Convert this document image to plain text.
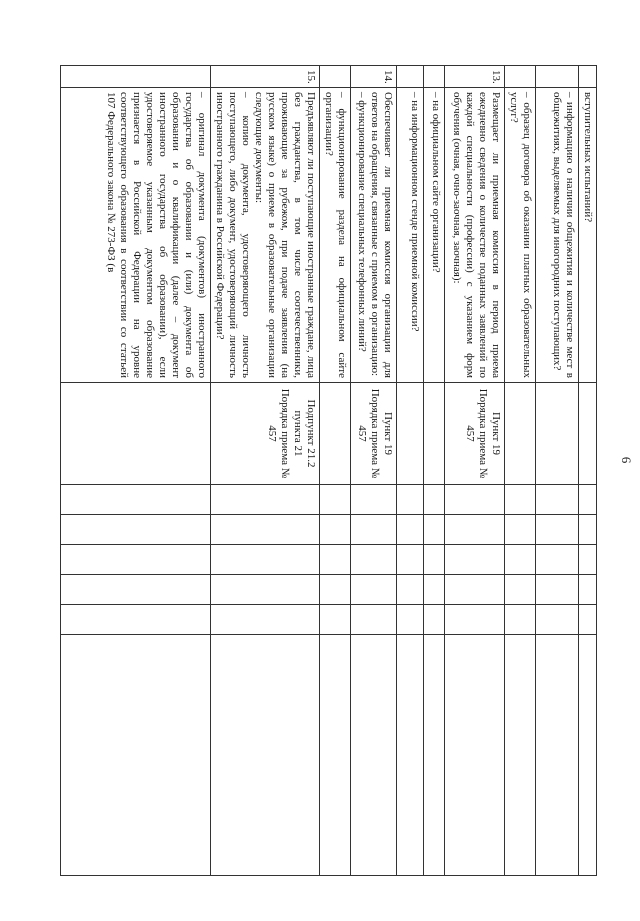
6
	вступительных испытаний?							
	– информацию о наличии общежития и количестве мест в общежитиях, выделяемых для иногородних поступающих?							
	– образец договора об оказании платных образовательных услуг?							
13.	Размещает ли приемная комиссия в период приема ежедневно сведения о количестве поданных заявлений по каждой специальности (профессии) с указанием форм обучения (очная, очно-заочная, заочная):	Пункт 19
Порядка приема № 457						
	– на официальном сайте организации?							
	– на информационном стенде приемной комиссии?							
14.	Обеспечивает ли приемная комиссия организации для ответов на обращения, связанные с приемом в организацию:
– функционирование специальных телефонных линий?	Пункт 19
Порядка приема № 457						
	– функционирование раздела на официальном сайте организации?							
15.	Предъявляют ли поступающие иностранные граждане, лица без гражданства, в том числе соотечественники, проживающие за рубежом, при подаче заявления (на русском языке) о приеме в образовательные организации следующие документы:
– копию документа, удостоверяющего личность поступающего, либо документ, удостоверяющий личность иностранного гражданина в Российской Федерации?	Подпункт 21.2 пункта 21
Порядка приема № 457						
	– оригинал документа (документов) иностранного государства об образовании и (или) документа об образовании и о квалификации (далее – документ иностранного государства об образовании), если удостоверяемое указанным документом образование признается в Российской Федерации на уровне соответствующего образования в соответствии со статьей 107 Федерального закона № 273-ФЗ (в							
